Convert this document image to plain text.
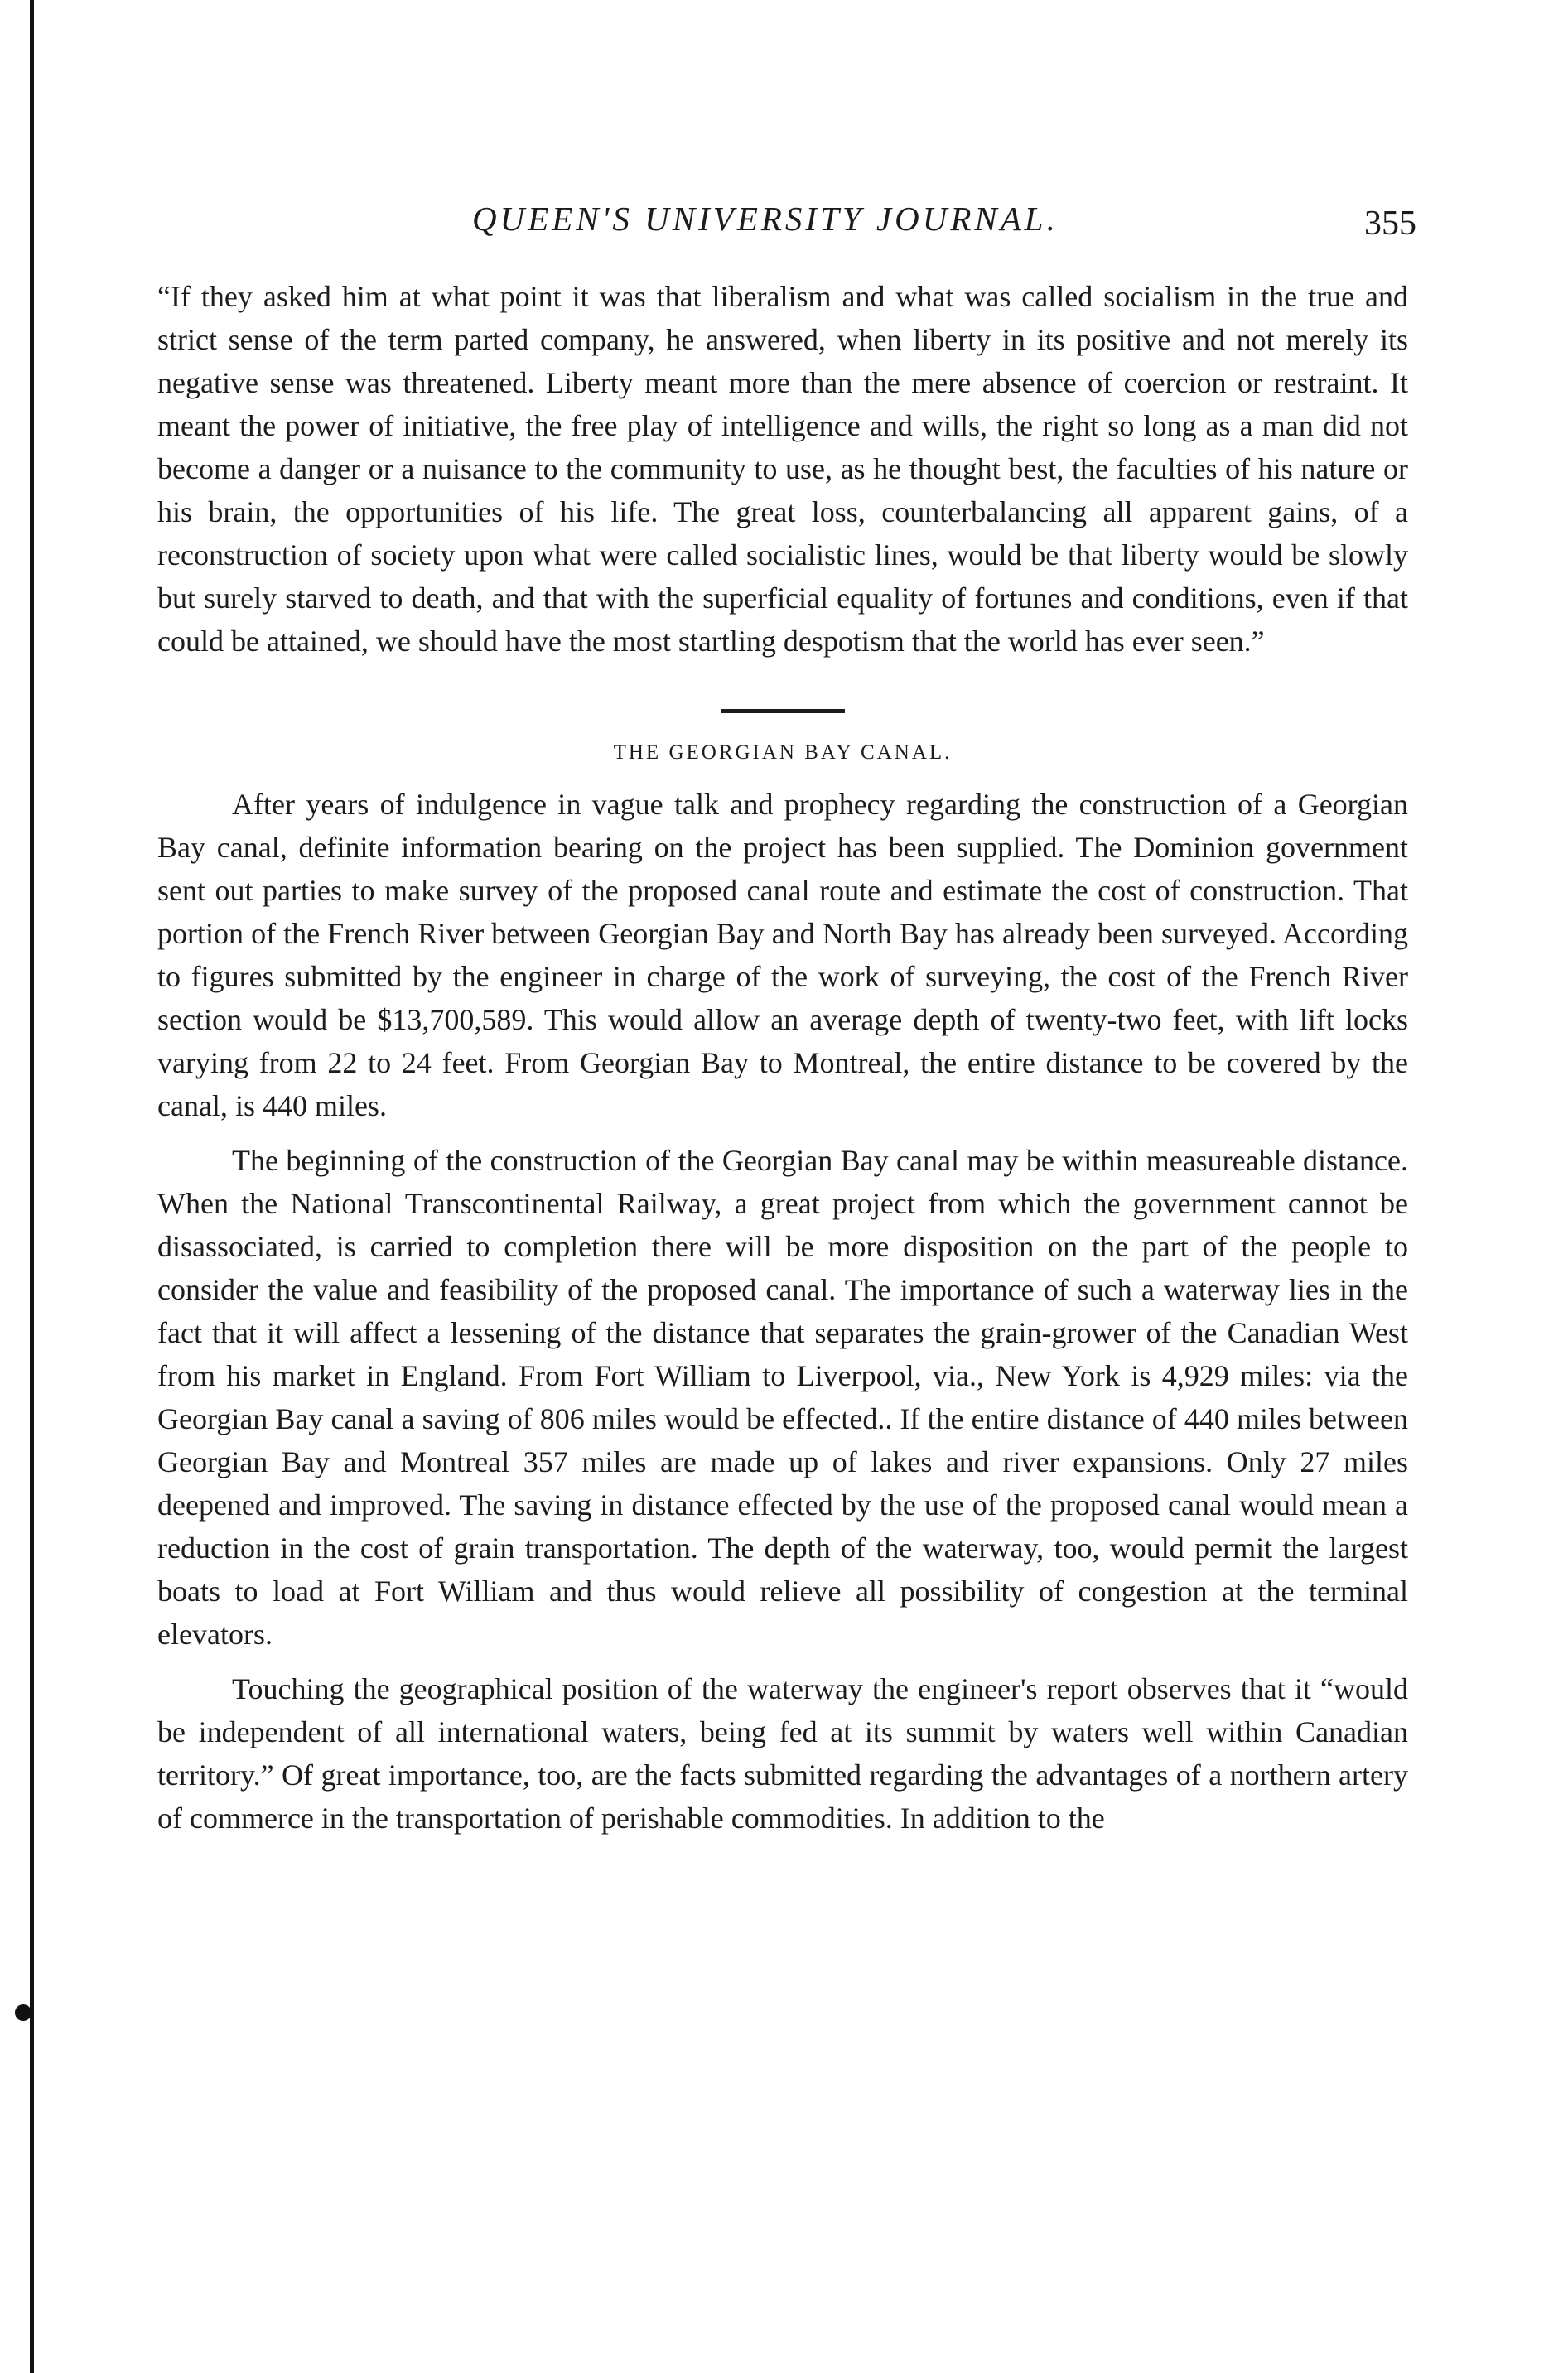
QUEEN'S UNIVERSITY JOURNAL.	355

“If they asked him at what point it was that liberalism and what was called socialism in the true and strict sense of the term parted company, he answered, when liberty in its positive and not merely its negative sense was threatened. Liberty meant more than the mere absence of coercion or restraint. It meant the power of initiative, the free play of intelligence and wills, the right so long as a man did not become a danger or a nuisance to the community to use, as he thought best, the faculties of his nature or his brain, the opportunities of his life. The great loss, counterbalancing all apparent gains, of a reconstruction of society upon what were called socialistic lines, would be that liberty would be slowly but surely starved to death, and that with the superficial equality of fortunes and conditions, even if that could be attained, we should have the most startling despotism that the world has ever seen.”

THE GEORGIAN BAY CANAL.

After years of indulgence in vague talk and prophecy regarding the construction of a Georgian Bay canal, definite information bearing on the project has been supplied. The Dominion government sent out parties to make survey of the proposed canal route and estimate the cost of construction. That portion of the French River between Georgian Bay and North Bay has already been surveyed. According to figures submitted by the engineer in charge of the work of surveying, the cost of the French River section would be $13,700,589. This would allow an average depth of twenty-two feet, with lift locks varying from 22 to 24 feet. From Georgian Bay to Montreal, the entire distance to be covered by the canal, is 440 miles.

The beginning of the construction of the Georgian Bay canal may be within measureable distance. When the National Transcontinental Railway, a great project from which the government cannot be disassociated, is carried to completion there will be more disposition on the part of the people to consider the value and feasibility of the proposed canal. The importance of such a waterway lies in the fact that it will affect a lessening of the distance that separates the grain-grower of the Canadian West from his market in England. From Fort William to Liverpool, via., New York is 4,929 miles: via the Georgian Bay canal a saving of 806 miles would be effected.. If the entire distance of 440 miles between Georgian Bay and Montreal 357 miles are made up of lakes and river expansions. Only 27 miles deepened and improved. The saving in distance effected by the use of the proposed canal would mean a reduction in the cost of grain transportation. The depth of the waterway, too, would permit the largest boats to load at Fort William and thus would relieve all possibility of congestion at the terminal elevators.

Touching the geographical position of the waterway the engineer's report observes that it “would be independent of all international waters, being fed at its summit by waters well within Canadian territory.” Of great importance, too, are the facts submitted regarding the advantages of a northern artery of commerce in the transportation of perishable commodities. In addition to the
